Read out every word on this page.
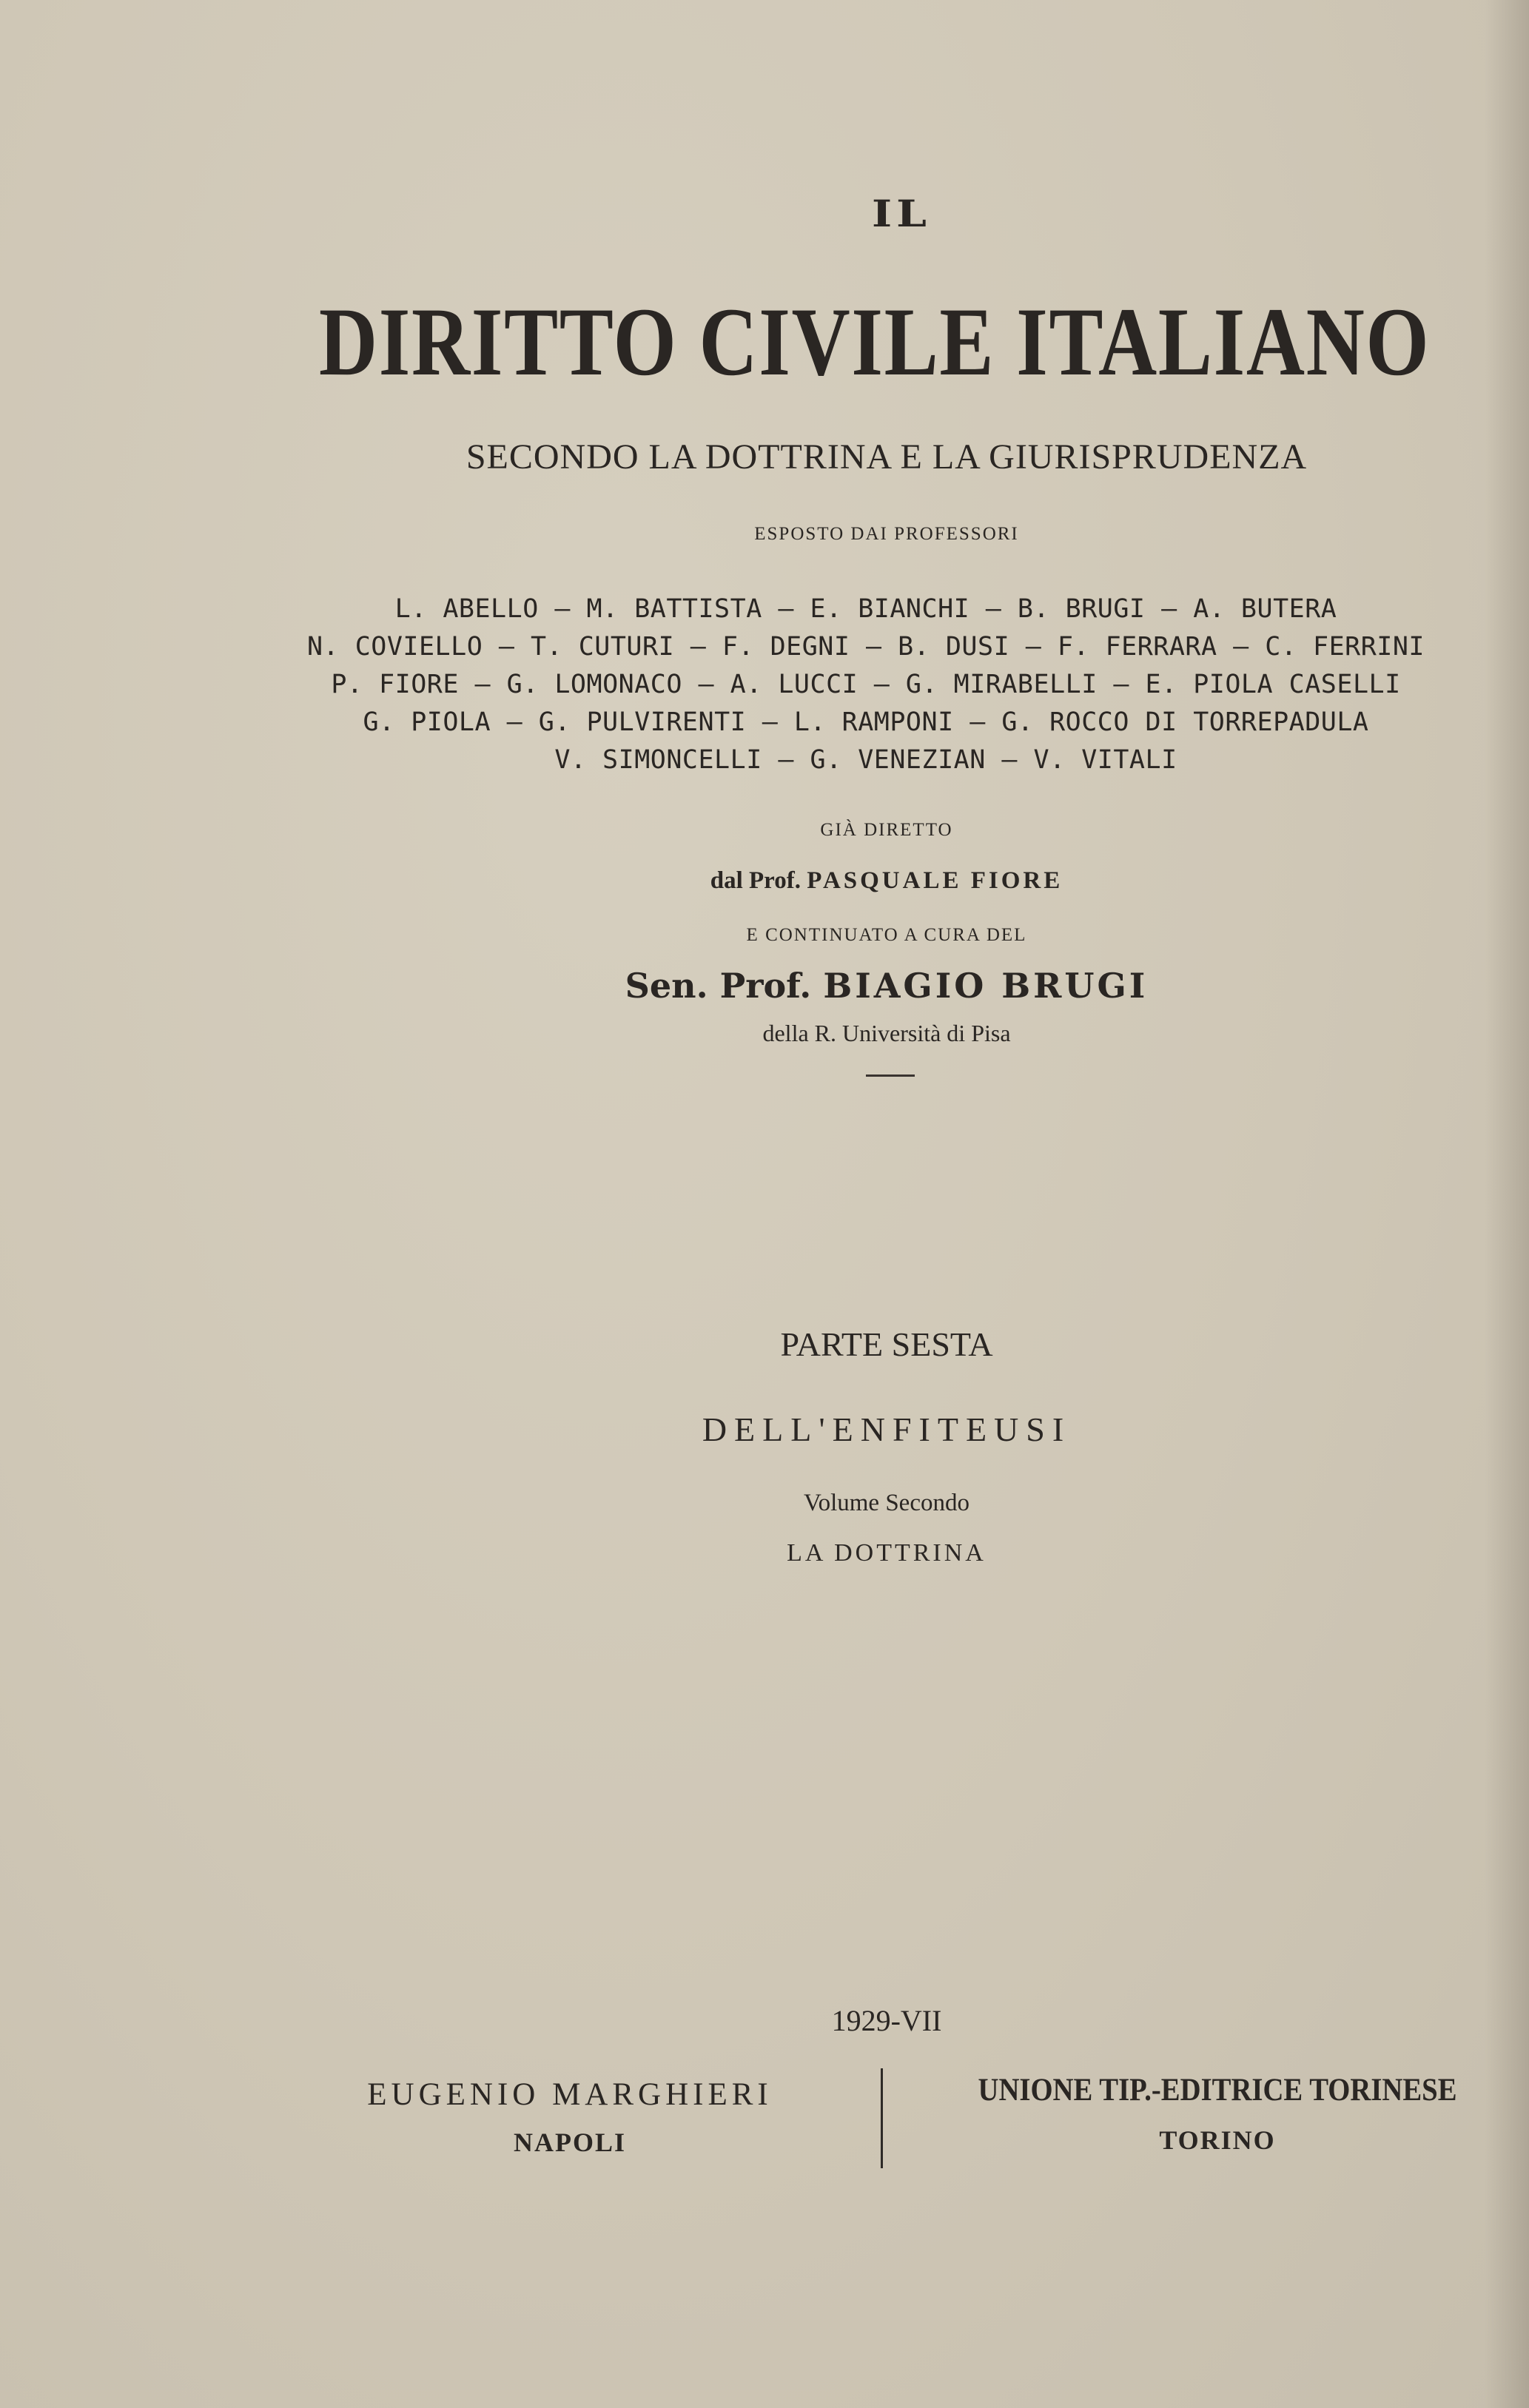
IL
DIRITTO CIVILE ITALIANO
SECONDO LA DOTTRINA E LA GIURISPRUDENZA
ESPOSTO DAI PROFESSORI
L. ABELLO — M. BATTISTA — E. BIANCHI — B. BRUGI — A. BUTERA
N. COVIELLO — T. CUTURI — F. DEGNI — B. DUSI — F. FERRARA — C. FERRINI
P. FIORE — G. LOMONACO — A. LUCCI — G. MIRABELLI — E. PIOLA CASELLI
G. PIOLA — G. PULVIRENTI — L. RAMPONI — G. ROCCO DI TORREPADULA
V. SIMONCELLI — G. VENEZIAN — V. VITALI
GIÀ DIRETTO
dal Prof. PASQUALE FIORE
E CONTINUATO A CURA DEL
Sen. Prof. BIAGIO BRUGI
della R. Università di Pisa
PARTE SESTA
DELL'ENFITEUSI
Volume Secondo
LA DOTTRINA
1929-VII
EUGENIO MARGHIERI
NAPOLI
UNIONE TIP.-EDITRICE TORINESE
TORINO
